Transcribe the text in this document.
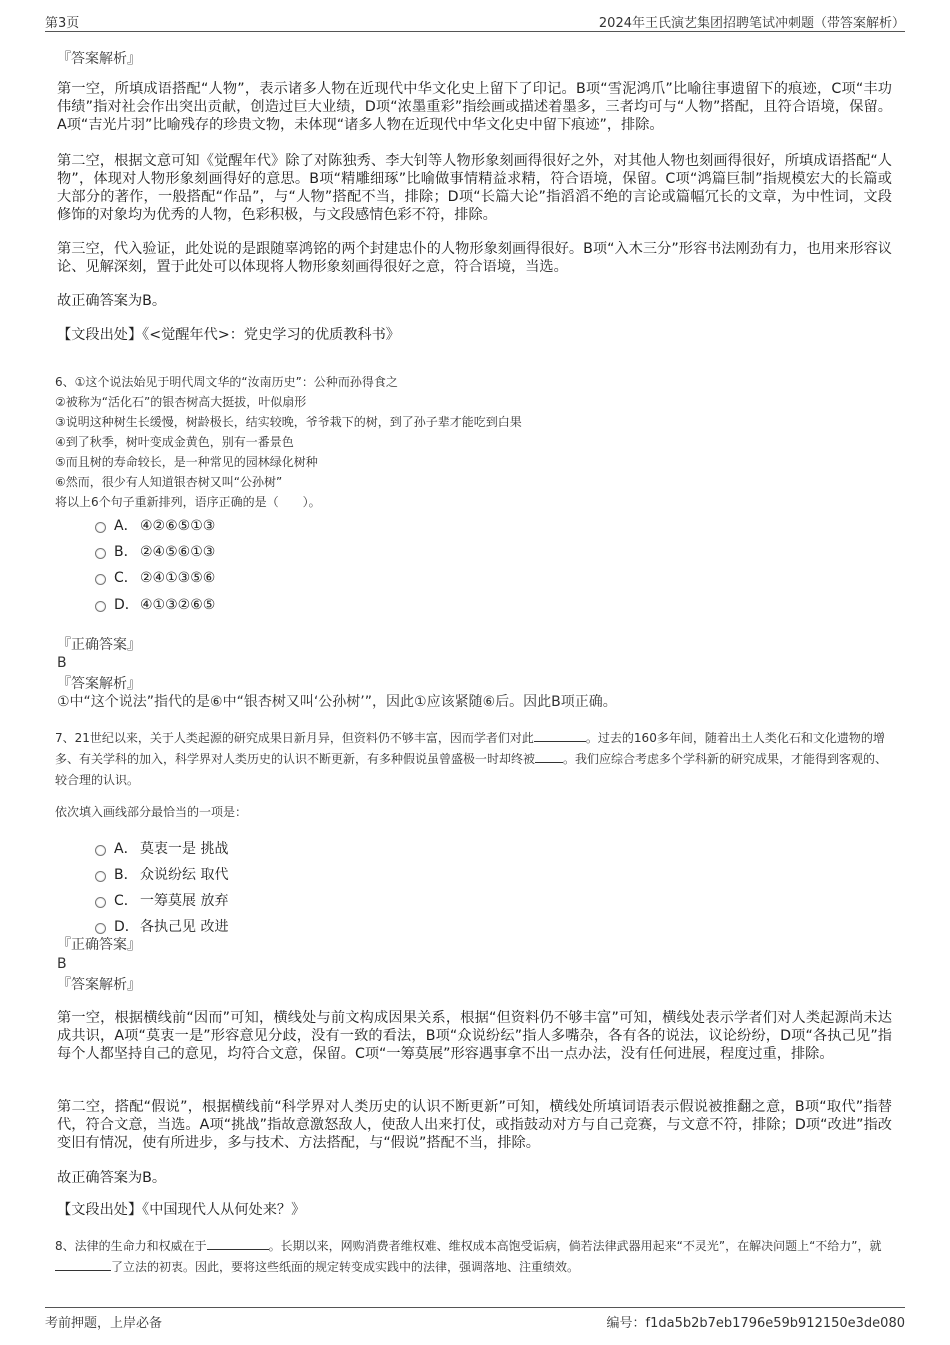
第3页	2024年王氏演艺集团招聘笔试冲刺题（带答案解析）
『答案解析』
第一空，所填成语搭配“人物”，表示诸多人物在近现代中华文化史上留下了印记。B项“雪泥鸿爪”比喻往事遗留下的痕迹，C项“丰功伟绩”指对社会作出突出贡献，创造过巨大业绩，D项“浓墨重彩”指绘画或描述着墨多，三者均可与“人物”搭配，且符合语境，保留。A项“吉光片羽”比喻残存的珍贵文物，未体现“诸多人物在近现代中华文化史中留下痕迹”，排除。
第二空，根据文意可知《觉醒年代》除了对陈独秀、李大钊等人物形象刻画得很好之外，对其他人物也刻画得很好，所填成语搭配“人物”，体现对人物形象刻画得好的意思。B项“精雕细琢”比喻做事情精益求精，符合语境，保留。C项“鸿篇巨制”指规模宏大的长篇或大部分的著作，一般搭配“作品”，与“人物”搭配不当，排除；D项“长篇大论”指滔滔不绝的言论或篇幅冗长的文章，为中性词，文段修饰的对象均为优秀的人物，色彩积极，与文段感情色彩不符，排除。
第三空，代入验证，此处说的是跟随辜鸿铭的两个封建忠仆的人物形象刻画得很好。B项“入木三分”形容书法刚劲有力，也用来形容议论、见解深刻，置于此处可以体现将人物形象刻画得很好之意，符合语境，当选。
故正确答案为B。
【文段出处】《<觉醒年代>：党史学习的优质教科书》
6、①这个说法始见于明代周文华的“汝南历史”：公种而孙得食之
②被称为“活化石”的银杏树高大挺拔，叶似扇形
③说明这种树生长缓慢，树龄极长，结实较晚，爷爷栽下的树，到了孙子辈才能吃到白果
④到了秋季，树叶变成金黄色，别有一番景色
⑤而且树的寿命较长，是一种常见的园林绿化树种
⑥然而，很少有人知道银杏树又叫“公孙树”
将以上6个句子重新排列，语序正确的是（　　）。
A． ④②⑥⑤①③
B． ②④⑤⑥①③
C． ②④①③⑤⑥
D．④①③②⑥⑤
『正确答案』
B
『答案解析』
①中“这个说法”指代的是⑥中“银杏树又叫‘公孙树’”，因此①应该紧随⑥后。因此B项正确。
7、21世纪以来，关于人类起源的研究成果日新月异，但资料仍不够丰富，因而学者们对此	。过去的160多年间，随着出土人类化石和文化遗物的增多、有关学科的加入，科学界对人类历史的认识不断更新，有多种假说虽曾盛极一时却终被 。我们应综合考虑多个学科新的研究成果，才能得到客观的、较合理的认识。
依次填入画线部分最恰当的一项是：
A． 莫衷一是 挑战
B． 众说纷纭 取代
C． 一筹莫展 放弃
D．各执己见 改进
『正确答案』
B
『答案解析』
第一空，根据横线前“因而”可知，横线处与前文构成因果关系，根据“但资料仍不够丰富”可知，横线处表示学者们对人类起源尚未达成共识，A项“莫衷一是”形容意见分歧，没有一致的看法，B项“众说纷纭”指人多嘴杂，各有各的说法，议论纷纷，D项“各执己见”指每个人都坚持自己的意见，均符合文意，保留。C项“一筹莫展”形容遇事拿不出一点办法，没有任何进展，程度过重，排除。
第二空，搭配“假说”，根据横线前“科学界对人类历史的认识不断更新”可知，横线处所填词语表示假说被推翻之意，B项“取代”指替代，符合文意，当选。A项“挑战”指故意激怒敌人，使敌人出来打仗，或指鼓动对方与自己竞赛，与文意不符，排除；D项“改进”指改变旧有情况，使有所进步，多与技术、方法搭配，与“假说”搭配不当，排除。
故正确答案为B。
【文段出处】《中国现代人从何处来？》
8、法律的生命力和权威在于	。长期以来，网购消费者维权难、维权成本高饱受诟病，倘若法律武器用起来“不灵光”，在解决问题上“不给力”，就了立法的初衷。因此，要将这些纸面的规定转变成实践中的法律，强调落地、注重绩效。
考前押题，上岸必备	编号：f1da5b2b7eb1796e59b912150e3de080
